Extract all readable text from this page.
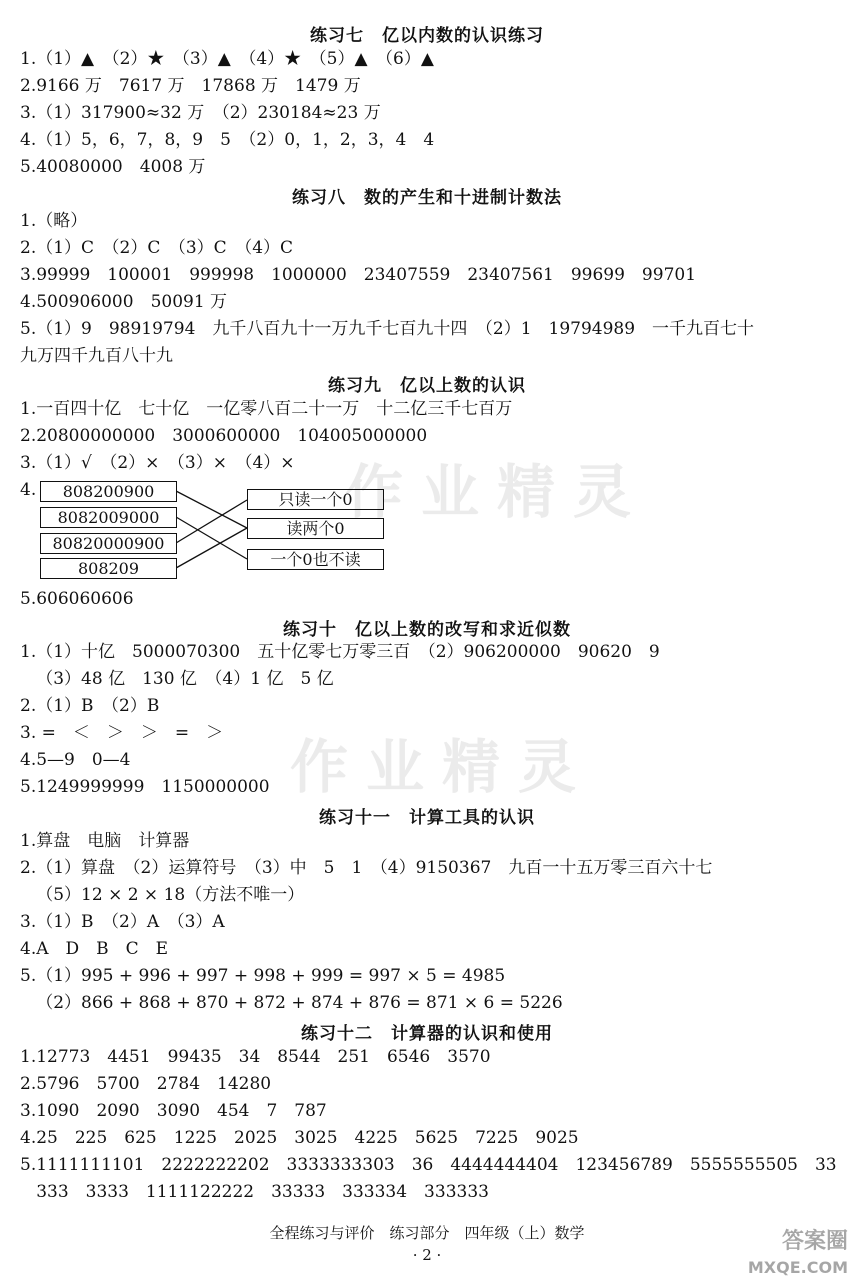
练习七　亿以内数的认识练习
1.（1）▲　（2）★　（3）▲　（4）★　（5）▲　（6）▲
2.9166 万　7617 万　17868 万　1479 万
3.（1）317900≈32 万　（2）230184≈23 万
4.（1）5，6，7，8，9　5　（2）0，1，2，3，4　4
5.40080000　4008 万
练习八　数的产生和十进制计数法
1.（略）
2.（1）C　（2）C　（3）C　（4）C
3.99999　100001　999998　1000000　23407559　23407561　99699　99701
4.500906000　50091 万
5.（1）9　98919794　九千八百九十一万九千七百九十四　（2）1　19794989　一千九百七十
九万四千九百八十九
练习九　亿以上数的认识
1.一百四十亿　七十亿　一亿零八百二十一万　十二亿三千七百万
2.20800000000　3000600000　104005000000
3.（1）√　（2）×　（3）×　（4）×
4.	808200900
8082009000
80820000900
808209
只读一个0
读两个0
一个0也不读
5.606060606
练习十　亿以上数的改写和求近似数
1.（1）十亿　5000070300　五十亿零七万零三百　（2）906200000　90620　9
（3）48 亿　130 亿　（4）1 亿　5 亿
2.（1）B　（2）B
3. =　＜　＞　＞　=　＞
4.5—9　0—4
5.1249999999　1150000000
练习十一　计算工具的认识
1.算盘　电脑　计算器
2.（1）算盘　（2）运算符号　（3）中　5　1　（4）9150367　九百一十五万零三百六十七
（5）12 × 2 × 18（方法不唯一）
3.（1）B　（2）A　（3）A
4.A　D　B　C　E
5.（1）995 + 996 + 997 + 998 + 999 = 997 × 5 = 4985
（2）866 + 868 + 870 + 872 + 874 + 876 = 871 × 6 = 5226
练习十二　计算器的认识和使用
1.12773　4451　99435　34　8544　251　6546　3570
2.5796　5700　2784　14280
3.1090　2090　3090　454　7　787
4.25　225　625　1225　2025　3025　4225　5625　7225　9025
5.1111111101　2222222202　3333333303　36　4444444404　123456789　5555555505　33
333　3333　1111122222　33333　333334　333333
作业精灵
作业精灵
全程练习与评价　练习部分　四年级（上）数学
· 2 ·
答案圈
MXQE.COM
